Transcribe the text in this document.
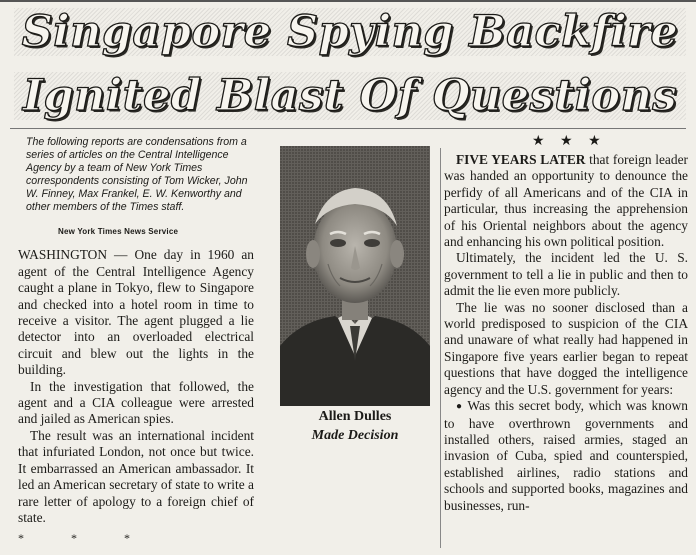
Singapore Spying Backfire
Ignited Blast Of Questions

The following reports are condensations from a series of articles on the Central Intelligence Agency by a team of New York Times correspondents consisting of Tom Wicker, John W. Finney, Max Frankel, E. W. Kenworthy and other members of the Times staff.

New York Times News Service

WASHINGTON — One day in 1960 an agent of the Central Intelligence Agency caught a plane in Tokyo, flew to Singapore and checked into a hotel room in time to receive a visitor. The agent plugged a lie detector into an overloaded electrical circuit and blew out the lights in the building.

In the investigation that followed, the agent and a CIA colleague were arrested and jailed as American spies.

The result was an international incident that infuriated London, not once but twice. It embarrassed an American ambassador. It led an American secretary of state to write a rare letter of apology to a foreign chief of state.

* * *

Allen Dulles
Made Decision
★ ★ ★

FIVE YEARS LATER that foreign leader was handed an opportunity to denounce the perfidy of all Americans and of the CIA in particular, thus increasing the apprehension of his Oriental neighbors about the agency and enhancing his own political position.

Ultimately, the incident led the U. S. government to tell a lie in public and then to admit the lie even more publicly.

The lie was no sooner disclosed than a world predisposed to suspicion of the CIA and unaware of what really had happened in Singapore five years earlier began to repeat questions that have dogged the intelligence agency and the U.S. government for years:

● Was this secret body, which was known to have overthrown governments and installed others, raised armies, staged an invasion of Cuba, spied and counterspied, established airlines, radio stations and schools and supported books, magazines and businesses, run-
